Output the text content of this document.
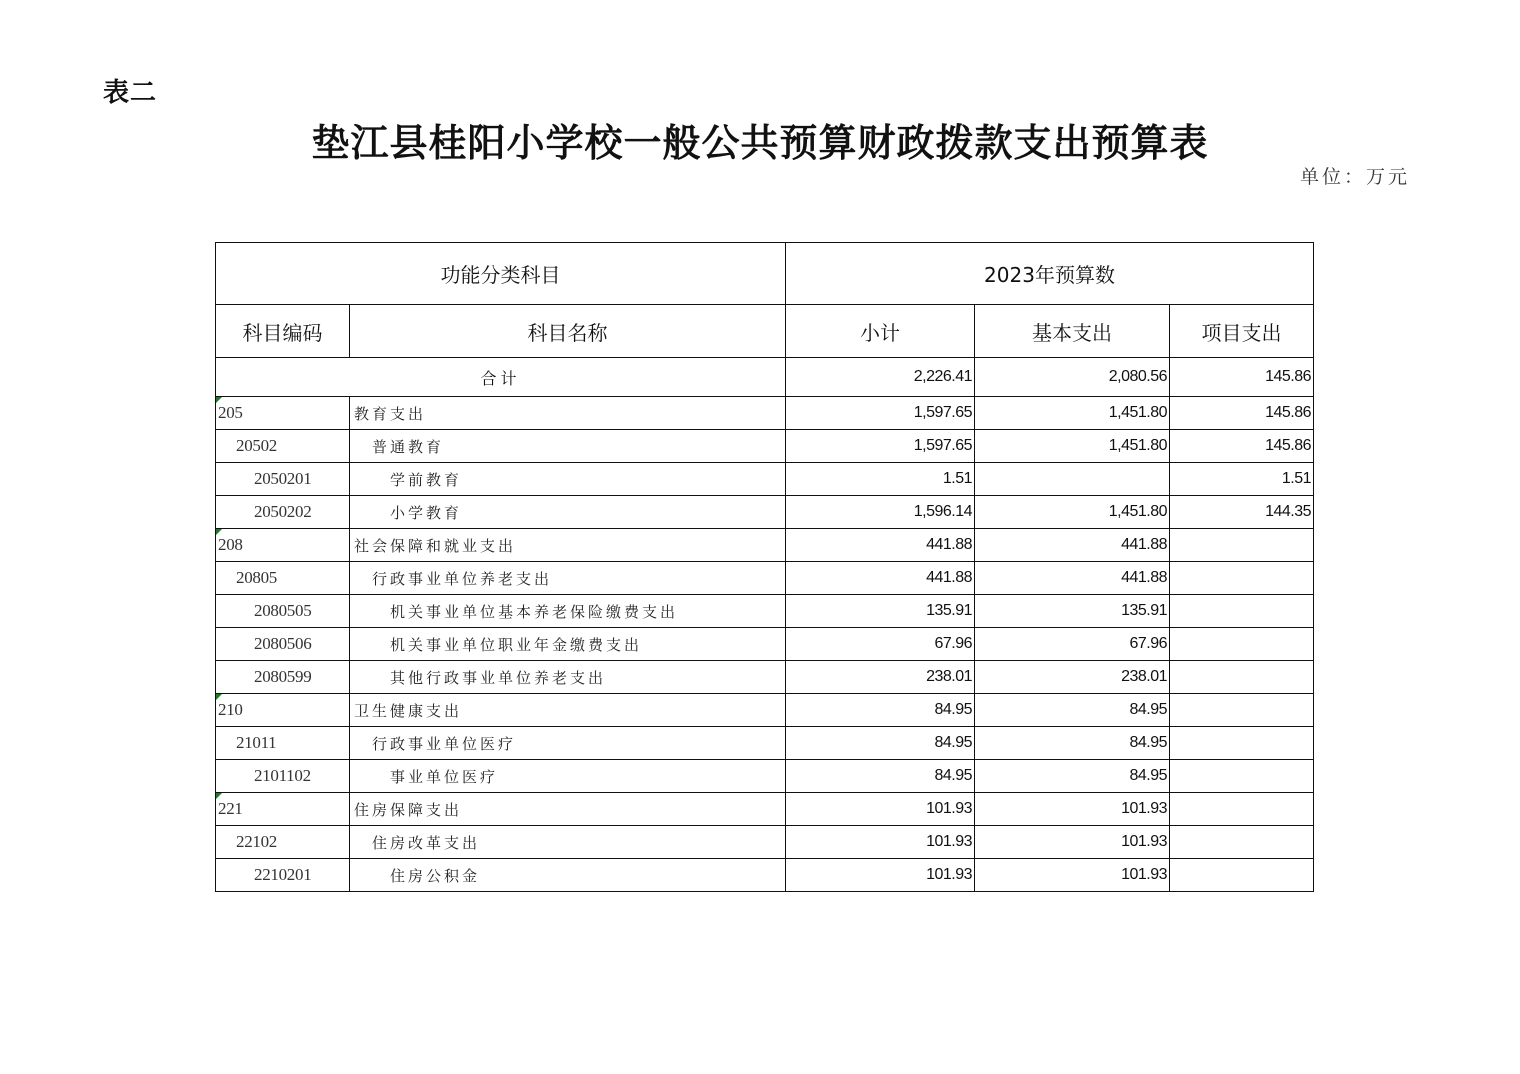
表二
垫江县桂阳小学校一般公共预算财政拨款支出预算表
单位：万元
功能分类科目		2023年预算数		
科目编码	科目名称	小计	基本支出	项目支出
合计		2,226.41	2,080.56	145.86

205	教育支出	1,597.65	1,451.80	145.86
20502	普通教育	1,597.65	1,451.80	145.86
2050201	学前教育	1.51		1.51
2050202	小学教育	1,596.14	1,451.80	144.35

208	社会保障和就业支出	441.88	441.88	
20805	行政事业单位养老支出	441.88	441.88	
2080505	机关事业单位基本养老保险缴费支出	135.91	135.91	
2080506	机关事业单位职业年金缴费支出	67.96	67.96	
2080599	其他行政事业单位养老支出	238.01	238.01	

210	卫生健康支出	84.95	84.95	
21011	行政事业单位医疗	84.95	84.95	
2101102	事业单位医疗	84.95	84.95	

221	住房保障支出	101.93	101.93	
22102	住房改革支出	101.93	101.93	
2210201	住房公积金	101.93	101.93	
